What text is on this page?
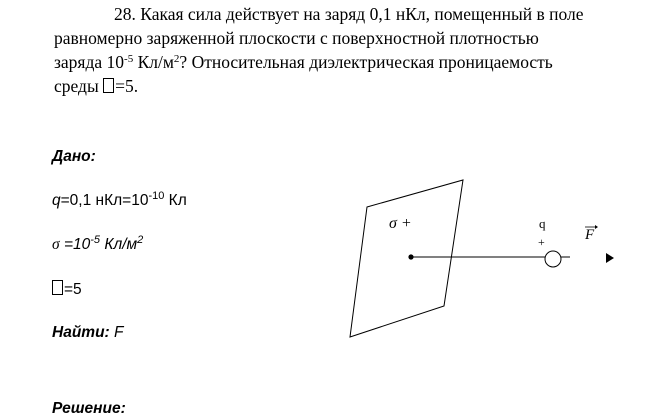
28. Какая сила действует на заряд 0,1 нКл, помещенный в поле

равномерно заряженной плоскости с поверхностной плотностью

заряда $10^{-5}$ $Кл/м^2$? Относительная диэлектрическая проницаемость

среды =5.

Дано:
q=0,1 $нКл=10^{-10}$ Кл
$\sigma =10^{-5}$ $Кл/м^2$
=5
Найти: F
Решение:
σ +	q
+	F
